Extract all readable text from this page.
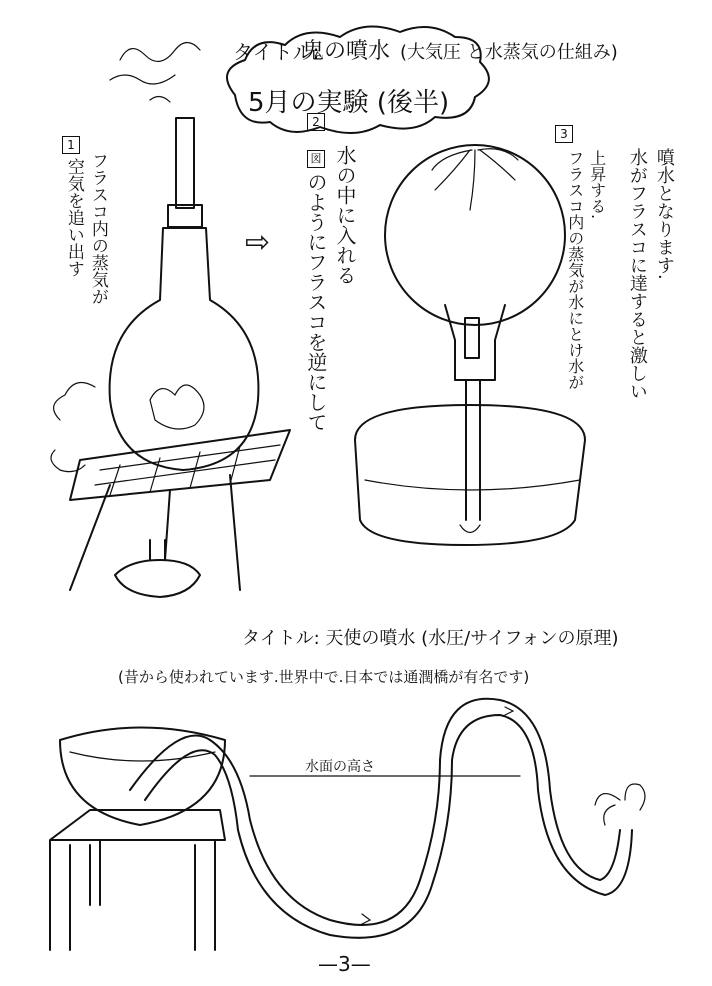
タイトル:
鬼の噴水 (大気圧 と水蒸気の仕組み)
5月の実験 (後半)
1
空気を追い出す フラスコ内の蒸気が	⇨
2
図 水の中に入れる
のようにフラスコを逆にして
3
噴水となります.
水がフラスコに達すると激しい
上昇する.
フラスコ内の蒸気が水にとけ水が
タイトル: 天使の噴水 (水圧/サイフォンの原理)
(昔から使われています.世界中で.日本では通潤橋が有名です)
水面の高さ
—3—
